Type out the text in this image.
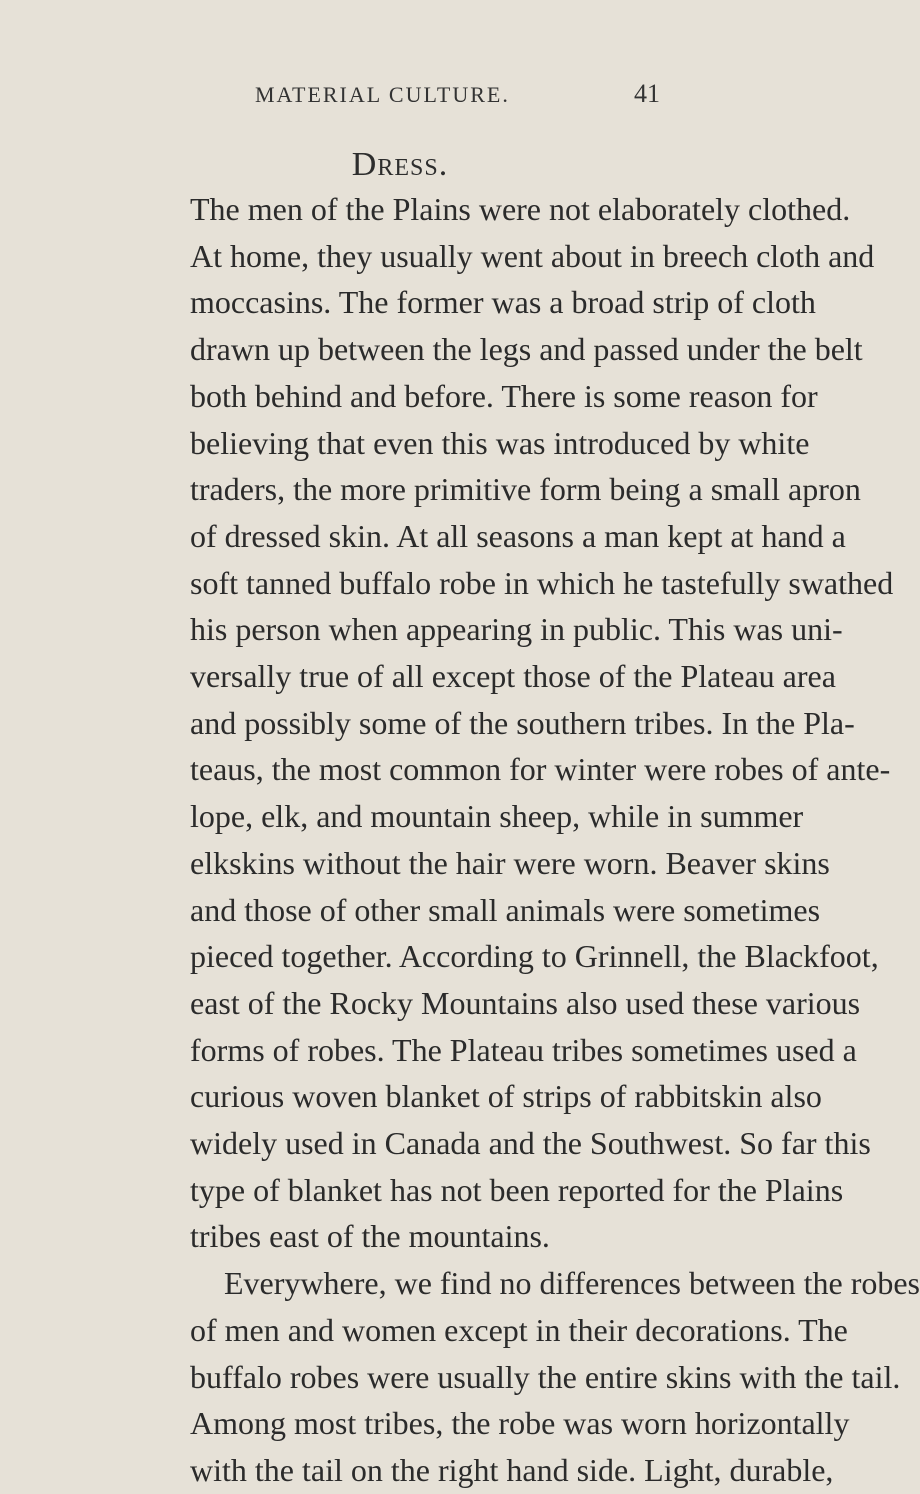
MATERIAL CULTURE.	41
Dress.
The men of the Plains were not elaborately clothed.
At home, they usually went about in breech cloth and
moccasins. The former was a broad strip of cloth
drawn up between the legs and passed under the belt
both behind and before. There is some reason for
believing that even this was introduced by white
traders, the more primitive form being a small apron
of dressed skin. At all seasons a man kept at hand a
soft tanned buffalo robe in which he tastefully swathed
his person when appearing in public. This was uni-
versally true of all except those of the Plateau area
and possibly some of the southern tribes. In the Pla-
teaus, the most common for winter were robes of ante-
lope, elk, and mountain sheep, while in summer
elkskins without the hair were worn. Beaver skins
and those of other small animals were sometimes
pieced together. According to Grinnell, the Blackfoot,
east of the Rocky Mountains also used these various
forms of robes. The Plateau tribes sometimes used a
curious woven blanket of strips of rabbitskin also
widely used in Canada and the Southwest. So far this
type of blanket has not been reported for the Plains
tribes east of the mountains.
Everywhere, we find no differences between the robes
of men and women except in their decorations. The
buffalo robes were usually the entire skins with the tail.
Among most tribes, the robe was worn horizontally
with the tail on the right hand side. Light, durable,
